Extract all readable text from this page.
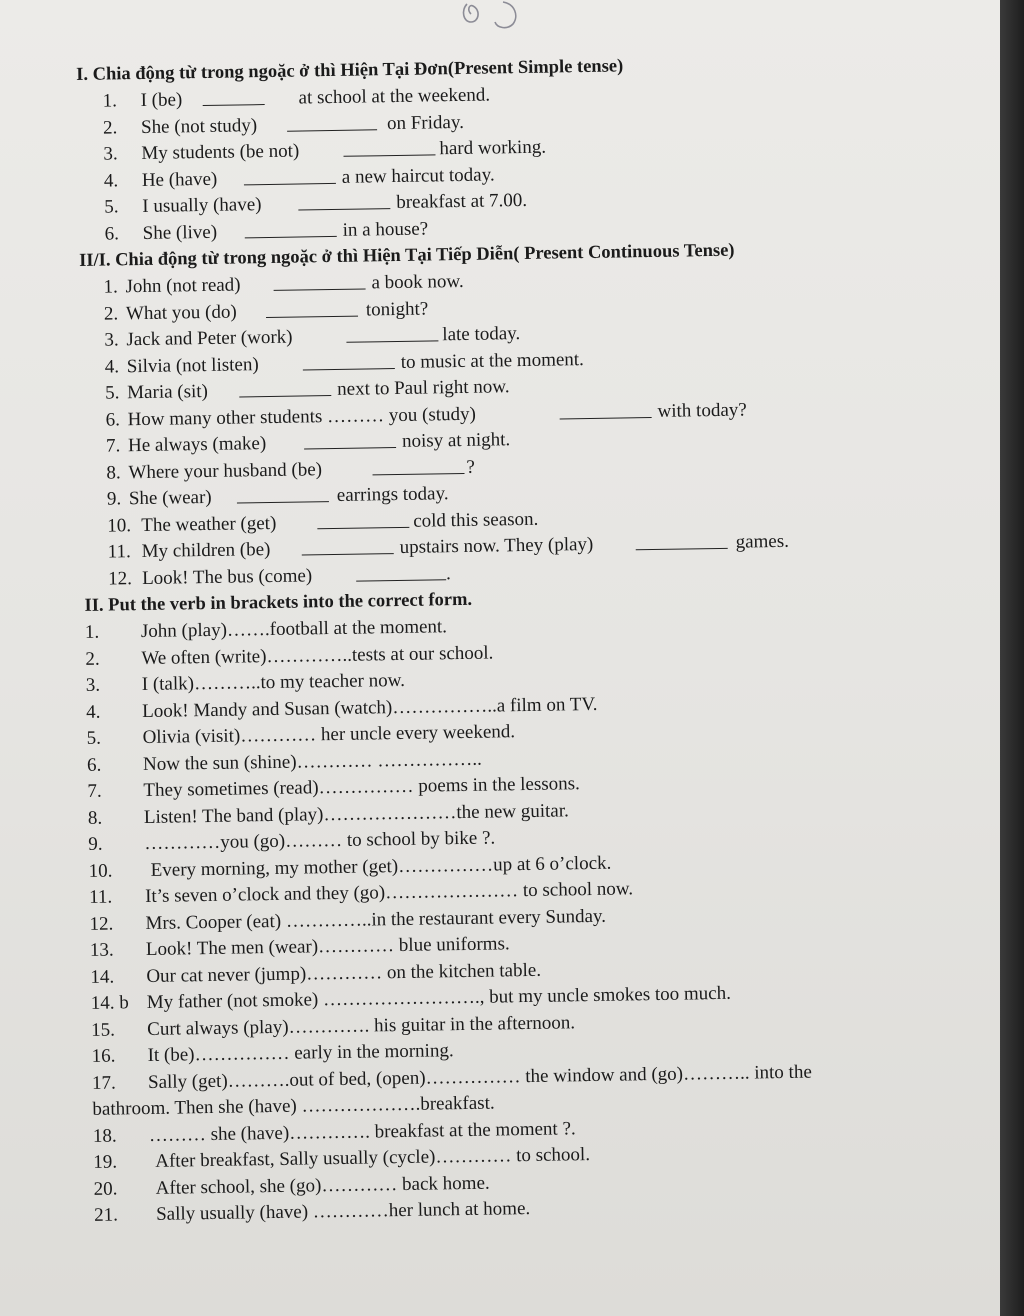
I. Chia động từ trong ngoặc ở thì Hiện Tại Đơn(Present Simple tense)
1. I (be)	at school at the weekend.
2. She (not study)	on Friday.
3. My students (be not)	hard working.
4. He (have)	a new haircut today.
5. I usually (have)	breakfast at 7.00.
6. She (live)	in a house?
II/I. Chia động từ trong ngoặc ở thì Hiện Tại Tiếp Diễn( Present Continuous Tense)
1. John (not read)	a book now.
2. What you (do)	tonight?
3. Jack and Peter (work)	late today.
4. Silvia (not listen)	to music at the moment.
5. Maria (sit)	next to Paul right now.
6. How many other students ……… you (study)	with today?
7. He always (make)	noisy at night.
8. Where your husband (be)	?
9. She (wear)	earrings today.
10. The weather (get)	cold this season.
11. My children (be)	upstairs now. They (play)	games.
12. Look! The bus (come)	.
II. Put the verb in brackets into the correct form.
1. John (play)…….football at the moment.
2. We often (write)…………..tests at our school.
3. I (talk)………..to my teacher now.
4. Look! Mandy and Susan (watch)……………..a film on TV.
5. Olivia (visit)………… her uncle every weekend.
6. Now the sun (shine)………… ……………..
7. They sometimes (read)…………… poems in the lessons.
8. Listen! The band (play)…………………the new guitar.
9. …………you (go)……… to school by bike ?.
10. Every morning, my mother (get)……………up at 6 o’clock.
11. It’s seven o’clock and they (go)………………… to school now.
12. Mrs. Cooper (eat) …………..in the restaurant every Sunday.
13. Look! The men (wear)………… blue uniforms.
14. Our cat never (jump)………… on the kitchen table.
14. b My father (not smoke) ……………………., but my uncle smokes too much.
15. Curt always (play)…………. his guitar in the afternoon.
16. It (be)…………… early in the morning.
17. Sally (get)……….out of bed, (open)…………… the window and (go)……….. into the
bathroom. Then she (have) ……………….breakfast.
18. ……… she (have)…………. breakfast at the moment ?.
19. After breakfast, Sally usually (cycle)………… to school.
20. After school, she (go)………… back home.
21. Sally usually (have) …………her lunch at home.
